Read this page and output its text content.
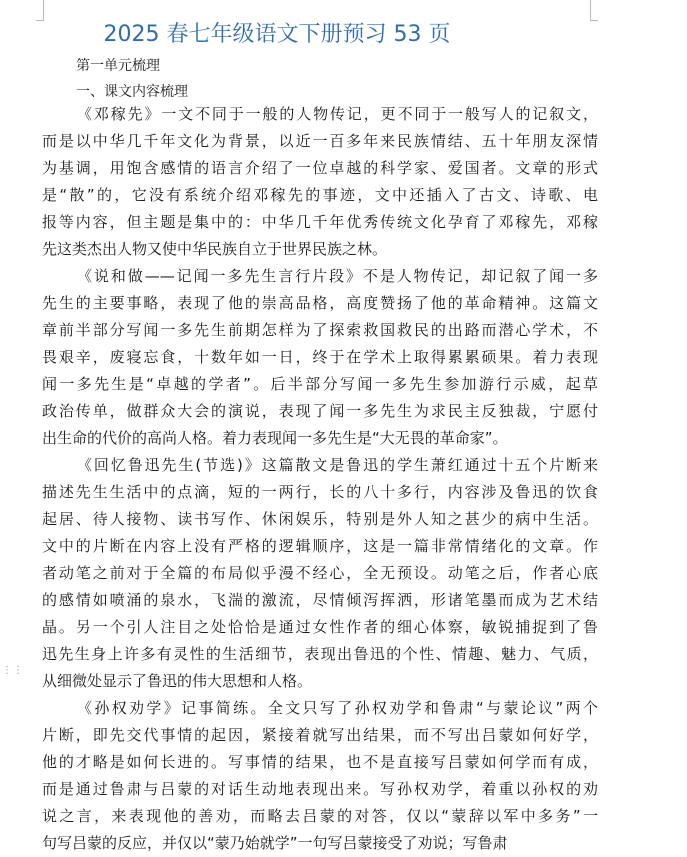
⋮⋮
2025 春七年级语文下册预习 53 页
第一单元梳理
一、课文内容梳理

《邓稼先》一文不同于一般的人物传记，更不同于一般写人的记叙文，
而是以中华几千年文化为背景，以近一百多年来民族情结、五十年朋友深情
为基调，用饱含感情的语言介绍了一位卓越的科学家、爱国者。文章的形式
是“散”的，它没有系统介绍邓稼先的事迹，文中还插入了古文、诗歌、电
报等内容，但主题是集中的：中华几千年优秀传统文化孕育了邓稼先，邓稼
先这类杰出人物又使中华民族自立于世界民族之林。

《说和做——记闻一多先生言行片段》不是人物传记，却记叙了闻一多
先生的主要事略，表现了他的崇高品格，高度赞扬了他的革命精神。这篇文
章前半部分写闻一多先生前期怎样为了探索救国救民的出路而潜心学术，不
畏艰辛，废寝忘食，十数年如一日，终于在学术上取得累累硕果。着力表现
闻一多先生是“卓越的学者”。后半部分写闻一多先生参加游行示威，起草
政治传单，做群众大会的演说，表现了闻一多先生为求民主反独裁，宁愿付
出生命的代价的高尚人格。着力表现闻一多先生是“大无畏的革命家”。

《回忆鲁迅先生(节选)》这篇散文是鲁迅的学生萧红通过十五个片断来
描述先生生活中的点滴，短的一两行，长的八十多行，内容涉及鲁迅的饮食
起居、待人接物、读书写作、休闲娱乐，特别是外人知之甚少的病中生活。
文中的片断在内容上没有严格的逻辑顺序，这是一篇非常情绪化的文章。作
者动笔之前对于全篇的布局似乎漫不经心，全无预设。动笔之后，作者心底
的感情如喷涌的泉水，飞湍的激流，尽情倾泻挥洒，形诸笔墨而成为艺术结
晶。另一个引人注目之处恰恰是通过女性作者的细心体察，敏锐捕捉到了鲁
迅先生身上许多有灵性的生活细节，表现出鲁迅的个性、情趣、魅力、气质，
从细微处显示了鲁迅的伟大思想和人格。

《孙权劝学》记事简练。全文只写了孙权劝学和鲁肃“与蒙论议”两个
片断，即先交代事情的起因，紧接着就写出结果，而不写出吕蒙如何好学，
他的才略是如何长进的。写事情的结果，也不是直接写吕蒙如何学而有成，
而是通过鲁肃与吕蒙的对话生动地表现出来。写孙权劝学，着重以孙权的劝
说之言，来表现他的善劝，而略去吕蒙的对答，仅以“蒙辞以军中多务”一
句写吕蒙的反应，并仅以“蒙乃始就学”一句写吕蒙接受了劝说；写鲁肃
